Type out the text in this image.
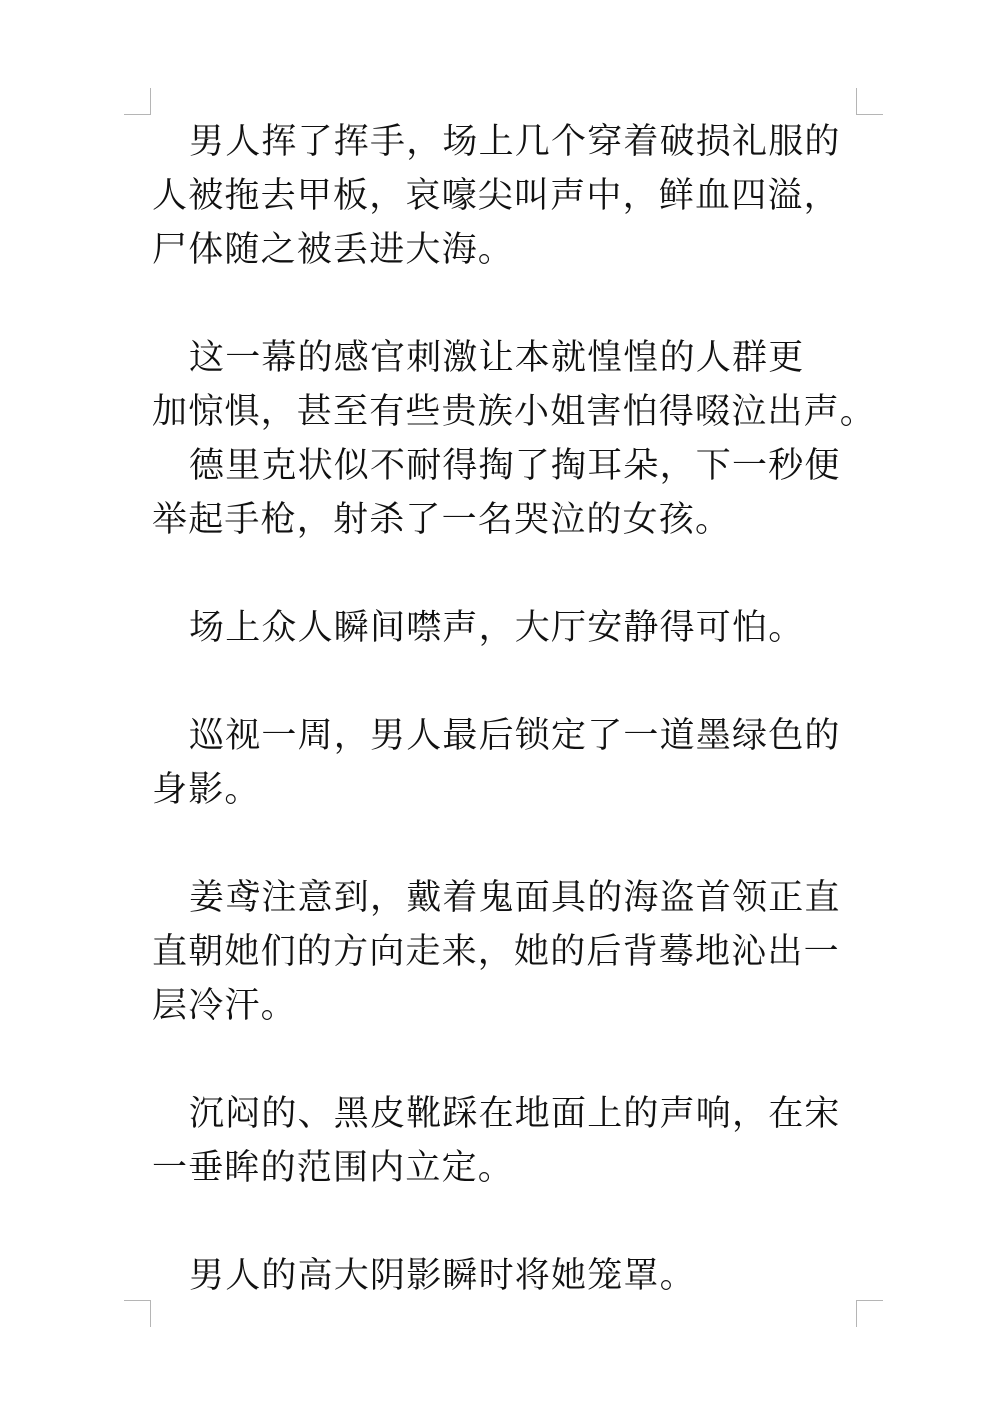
男人挥了挥手，场上几个穿着破损礼服的
人被拖去甲板，哀嚎尖叫声中，鲜血四溢，
尸体随之被丢进大海。

这一幕的感官刺激让本就惶惶的人群更
加惊惧，甚至有些贵族小姐害怕得啜泣出声。

德里克状似不耐得掏了掏耳朵，下一秒便
举起手枪，射杀了一名哭泣的女孩。

场上众人瞬间噤声，大厅安静得可怕。

巡视一周，男人最后锁定了一道墨绿色的
身影。

姜鸢注意到，戴着鬼面具的海盗首领正直
直朝她们的方向走来，她的后背蓦地沁出一
层冷汗。

沉闷的、黑皮靴踩在地面上的声响，在宋
一垂眸的范围内立定。

男人的高大阴影瞬时将她笼罩。
